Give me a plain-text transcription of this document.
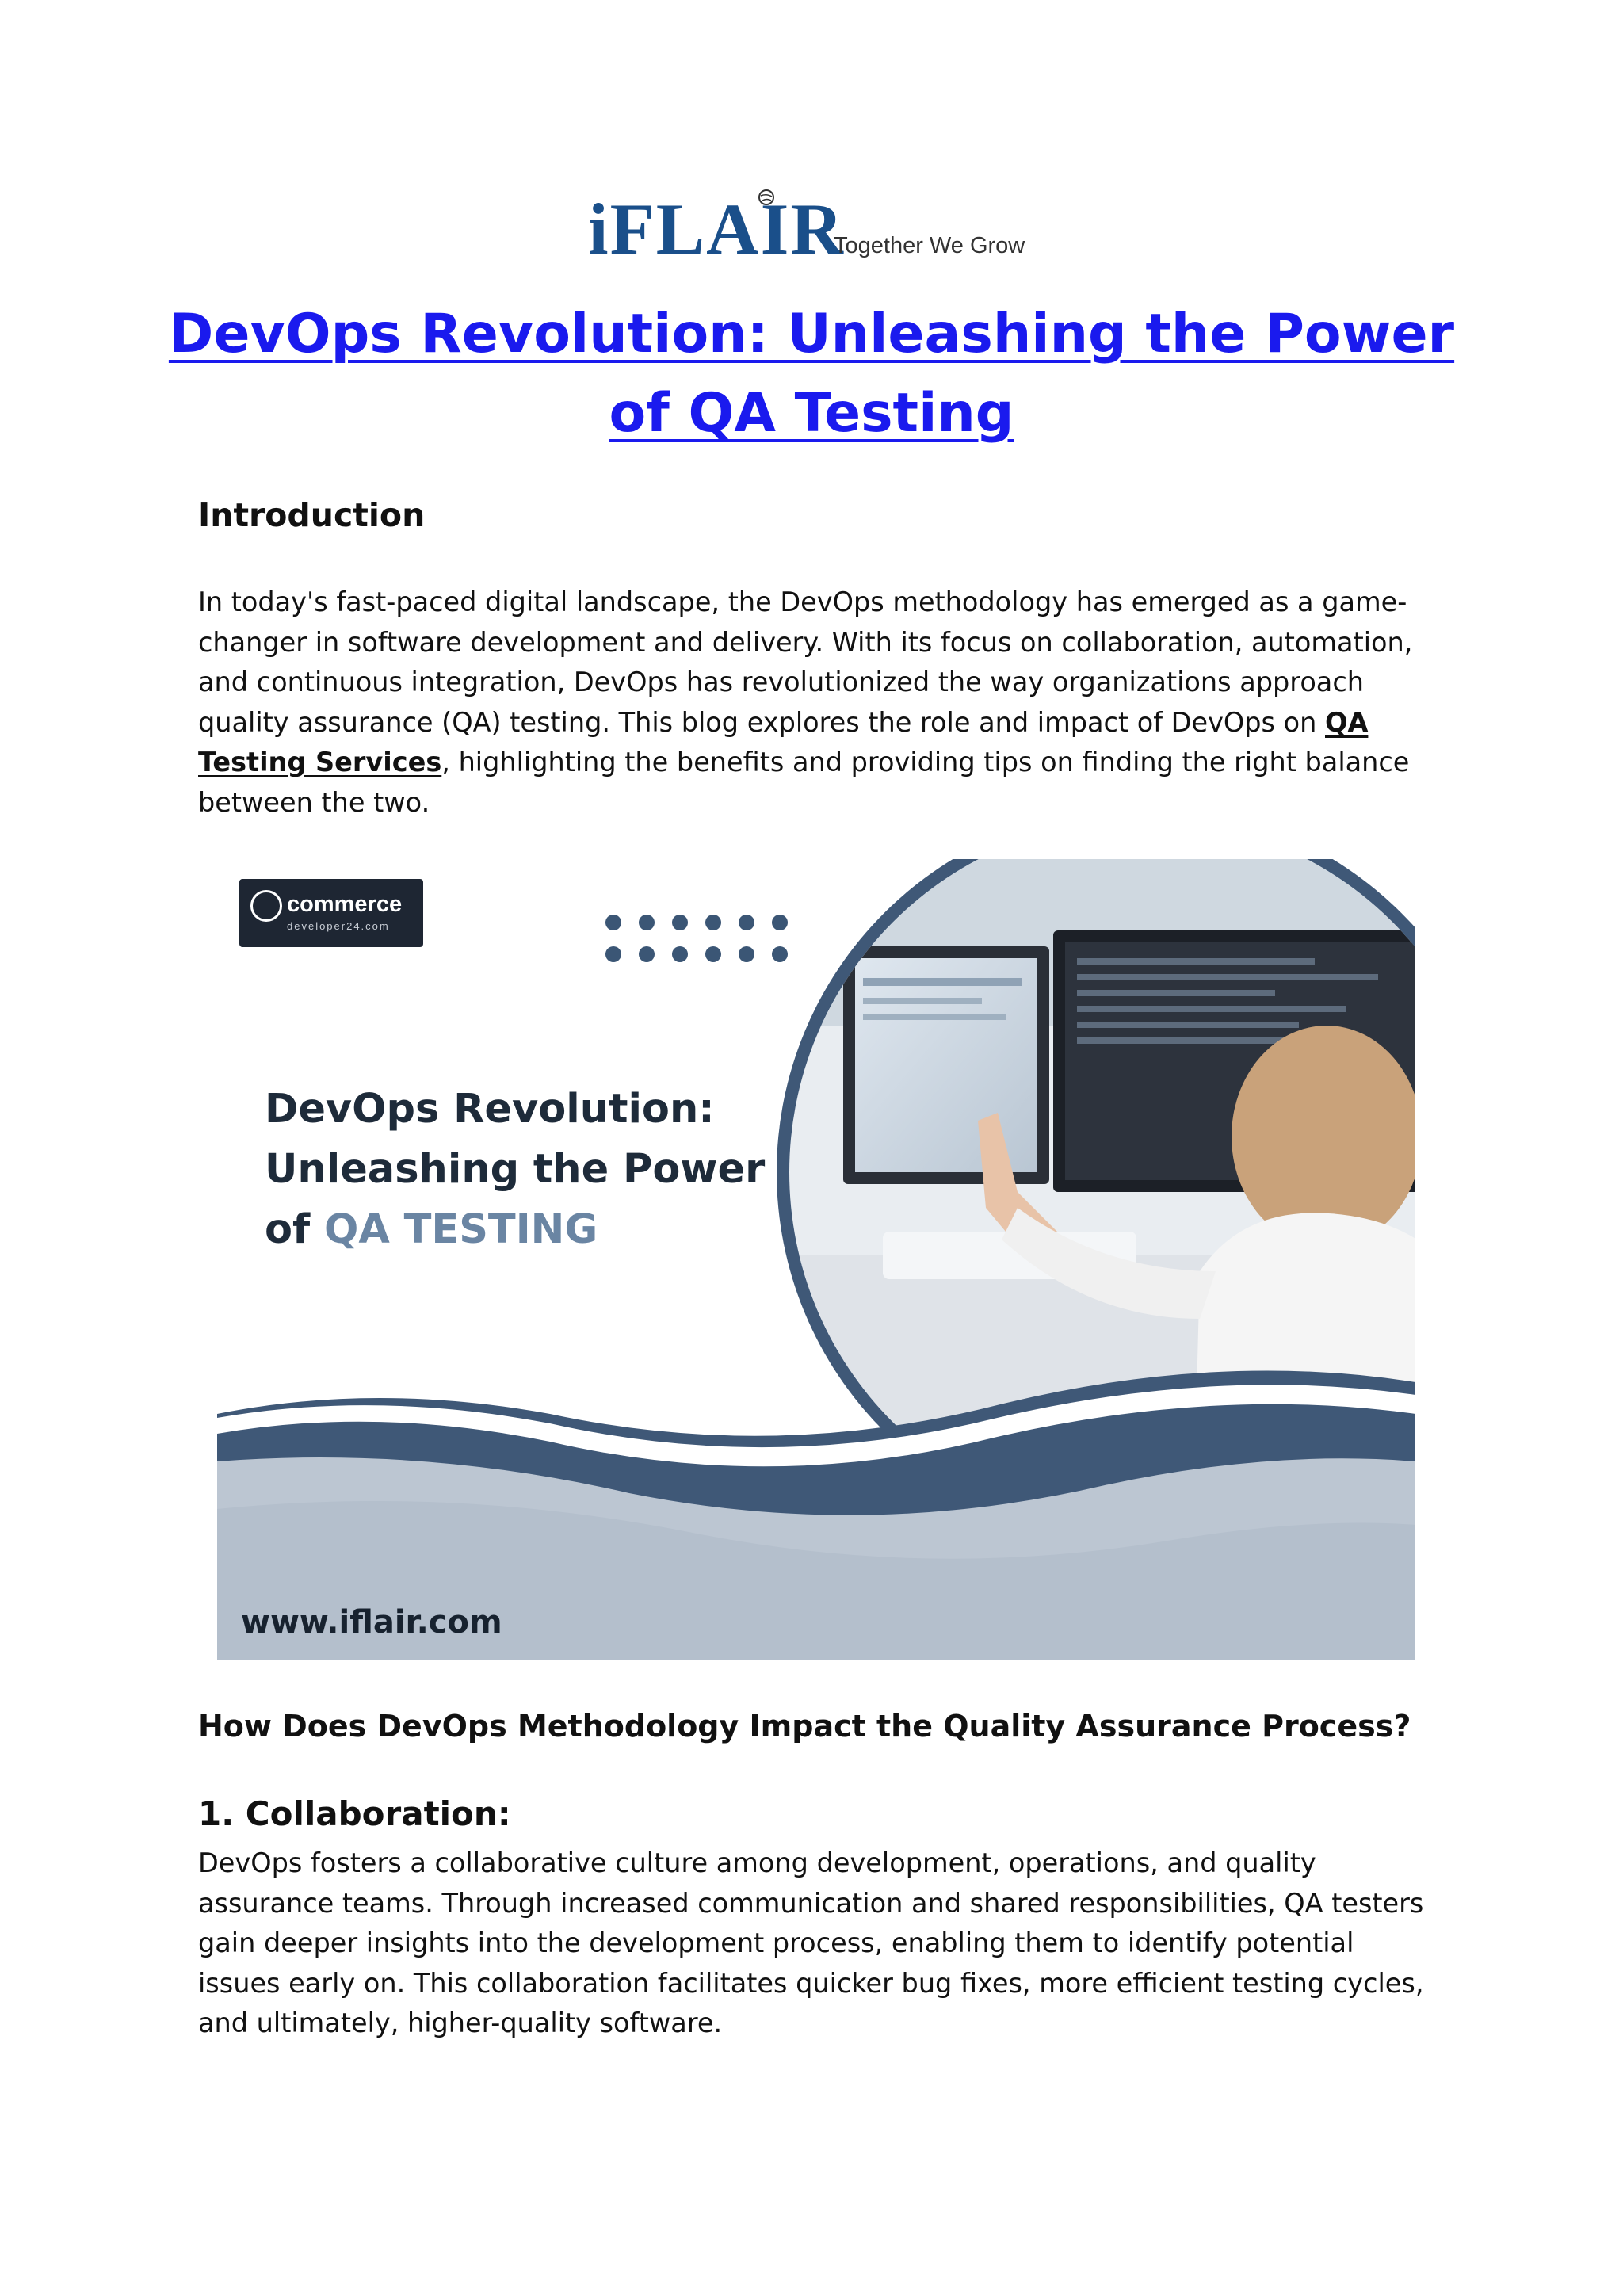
iFLAIR
Together We Grow
DevOps Revolution: Unleashing the Power of QA Testing
Introduction

In today's fast-paced digital landscape, the DevOps methodology has emerged as a game-changer in software development and delivery. With its focus on collaboration, automation, and continuous integration, DevOps has revolutionized the way organizations approach quality assurance (QA) testing. This blog explores the role and impact of DevOps on QA Testing Services, highlighting the benefits and providing tips on finding the right balance between the two.

commerce
developer24.com
DevOps Revolution:
Unleashing the Power
of QA TESTING
www.iflair.com
How Does DevOps Methodology Impact the Quality Assurance Process?
1. Collaboration:

DevOps fosters a collaborative culture among development, operations, and quality assurance teams. Through increased communication and shared responsibilities, QA testers gain deeper insights into the development process, enabling them to identify potential issues early on. This collaboration facilitates quicker bug fixes, more efficient testing cycles, and ultimately, higher-quality software.
